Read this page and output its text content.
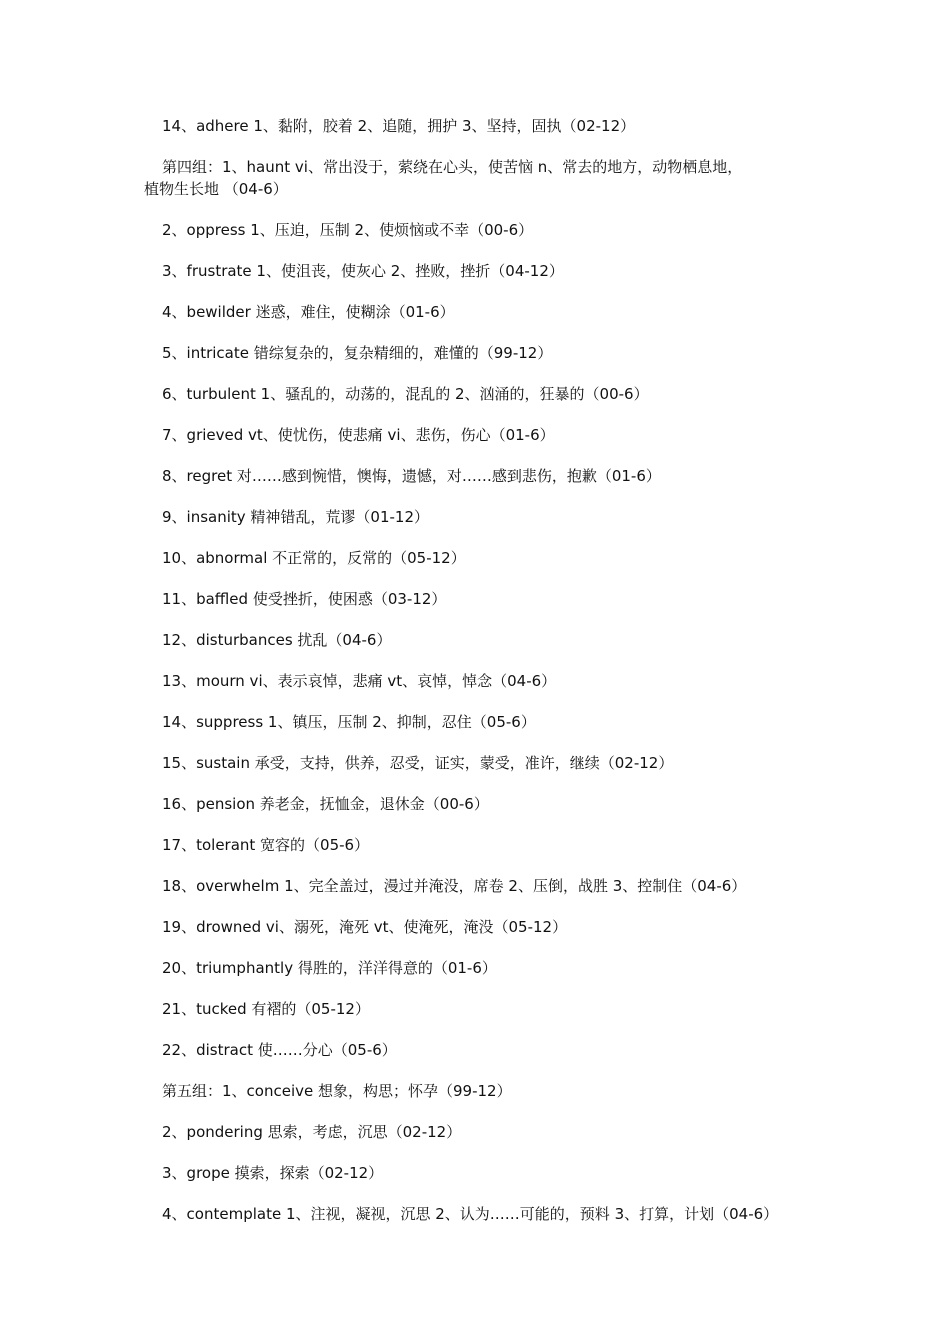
14、adhere 1、黏附，胶着 2、追随，拥护 3、坚持，固执（02-12）
第四组：1、haunt vi、常出没于，萦绕在心头，使苦恼 n、常去的地方，动物栖息地，
植物生长地 （04-6）
2、oppress 1、压迫，压制 2、使烦恼或不幸（00-6）
3、frustrate 1、使沮丧，使灰心 2、挫败，挫折（04-12）
4、bewilder 迷惑，难住，使糊涂（01-6）
5、intricate 错综复杂的，复杂精细的，难懂的（99-12）
6、turbulent 1、骚乱的，动荡的，混乱的 2、汹涌的，狂暴的（00-6）
7、grieved vt、使忧伤，使悲痛 vi、悲伤，伤心（01-6）
8、regret 对……感到惋惜，懊悔，遗憾，对……感到悲伤，抱歉（01-6）
9、insanity 精神错乱，荒谬（01-12）
10、abnormal 不正常的，反常的（05-12）
11、baffled 使受挫折，使困惑（03-12）
12、disturbances 扰乱（04-6）
13、mourn vi、表示哀悼，悲痛 vt、哀悼，悼念（04-6）
14、suppress 1、镇压，压制 2、抑制，忍住（05-6）
15、sustain 承受，支持，供养，忍受，证实，蒙受，准许，继续（02-12）
16、pension 养老金，抚恤金，退休金（00-6）
17、tolerant 宽容的（05-6）
18、overwhelm 1、完全盖过，漫过并淹没，席卷 2、压倒，战胜 3、控制住（04-6）
19、drowned vi、溺死，淹死 vt、使淹死，淹没（05-12）
20、triumphantly 得胜的，洋洋得意的（01-6）
21、tucked 有褶的（05-12）
22、distract 使……分心（05-6）
第五组：1、conceive 想象，构思；怀孕（99-12）
2、pondering 思索，考虑，沉思（02-12）
3、grope 摸索，探索（02-12）
4、contemplate 1、注视，凝视，沉思 2、认为……可能的，预料 3、打算，计划（04-6）
